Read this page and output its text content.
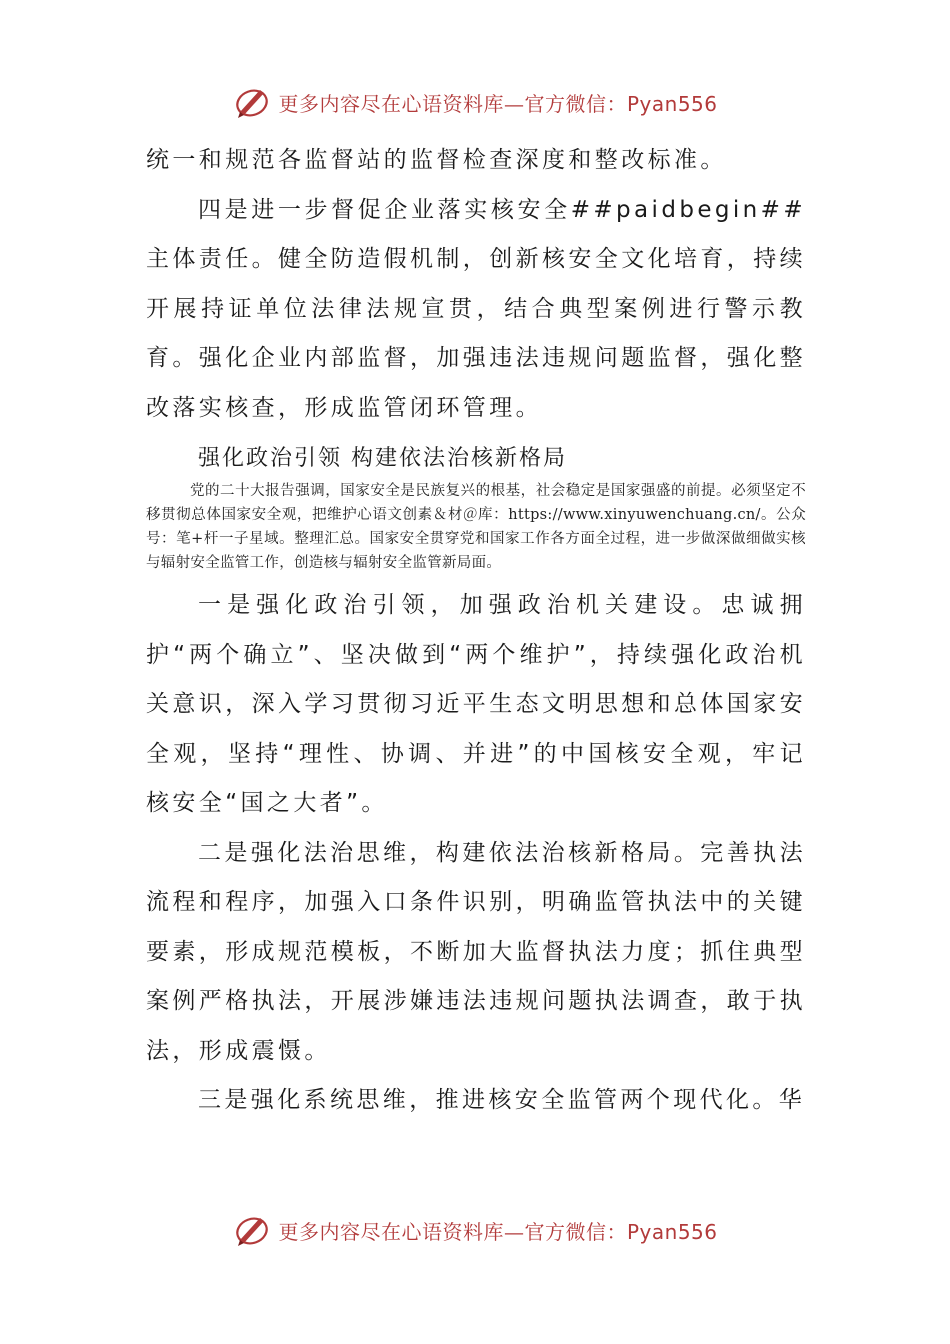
更多内容尽在心语资料库—官方微信：Pyan556

统一和规范各监督站的监督检查深度和整改标准。

四是进一步督促企业落实核安全##paidbegin##主体责任。健全防造假机制，创新核安全文化培育，持续开展持证单位法律法规宣贯，结合典型案例进行警示教育。强化企业内部监督，加强违法违规问题监督，强化整改落实核查，形成监管闭环管理。

强化政治引领 构建依法治核新格局

党的二十大报告强调，国家安全是民族复兴的根基，社会稳定是国家强盛的前提。必须坚定不移贯彻总体国家安全观，把维护心语文创素＆材＠库：https://www.xinyuwenchuang.cn/。公众号：笔+杆一子星域。整理汇总。国家安全贯穿党和国家工作各方面全过程，进一步做深做细做实核与辐射安全监管工作，创造核与辐射安全监管新局面。

一是强化政治引领，加强政治机关建设。忠诚拥护“两个确立”、坚决做到“两个维护”，持续强化政治机关意识，深入学习贯彻习近平生态文明思想和总体国家安全观，坚持“理性、协调、并进”的中国核安全观，牢记核安全“国之大者”。

二是强化法治思维，构建依法治核新格局。完善执法流程和程序，加强入口条件识别，明确监管执法中的关键要素，形成规范模板，不断加大监督执法力度；抓住典型案例严格执法，开展涉嫌违法违规问题执法调查，敢于执法，形成震慑。

三是强化系统思维，推进核安全监管两个现代化。华

更多内容尽在心语资料库—官方微信：Pyan556
